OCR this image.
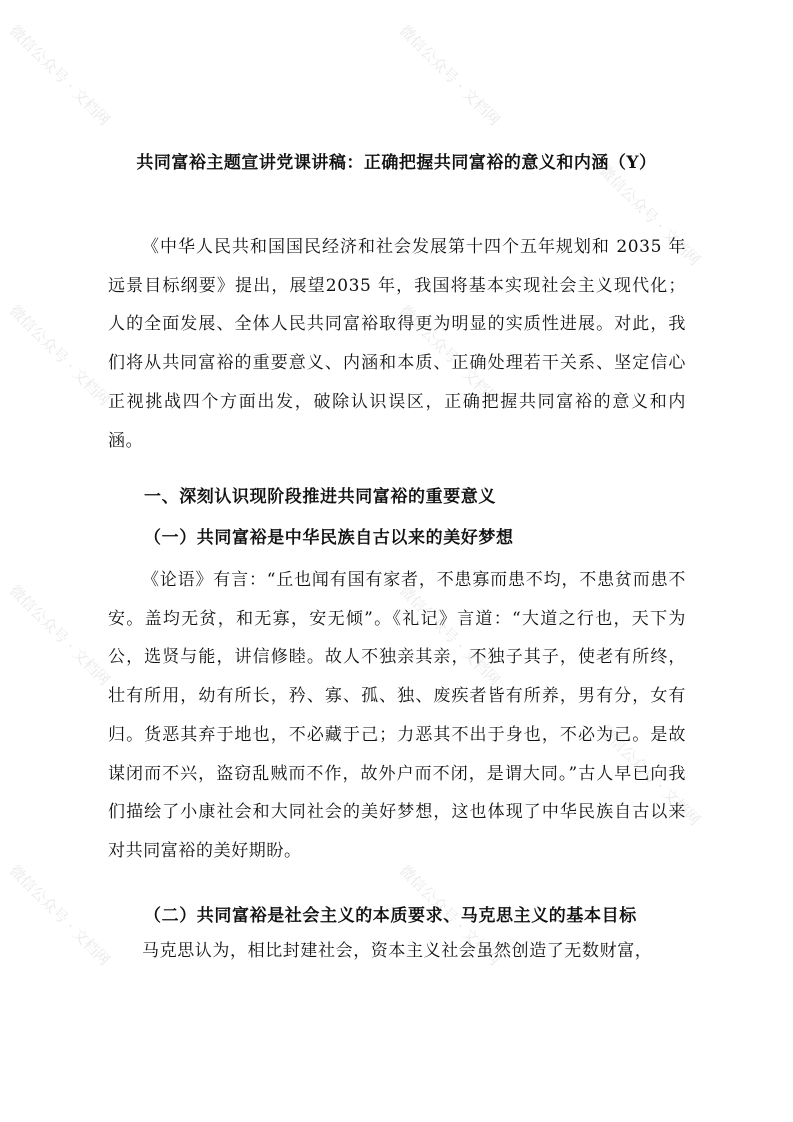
微信公众号 · 文档网	微信公众号 · 文档网
微信公众号 · 文档网	微信公众号 · 文档网
微信公众号 · 文档网	微信公众号 · 文档网
微信公众号 · 文档网	微信公众号 · 文档网
微信公众号 · 文档网
微信公众号 · 文档网
共同富裕主题宣讲党课讲稿：正确把握共同富裕的意义和内涵（Y）
《中华人民共和国国民经济和社会发展第十四个五年规划和 2035 年远景目标纲要》提出，展望2035 年，我国将基本实现社会主义现代化；人的全面发展、全体人民共同富裕取得更为明显的实质性进展。对此，我们将从共同富裕的重要意义、内涵和本质、正确处理若干关系、坚定信心正视挑战四个方面出发，破除认识误区，正确把握共同富裕的意义和内涵。
一、深刻认识现阶段推进共同富裕的重要意义
（一）共同富裕是中华民族自古以来的美好梦想
《论语》有言：“丘也闻有国有家者，不患寡而患不均，不患贫而患不安。盖均无贫，和无寡，安无倾”。《礼记》言道：“大道之行也，天下为公，选贤与能，讲信修睦。故人不独亲其亲，不独子其子，使老有所终，壮有所用，幼有所长，矜、寡、孤、独、废疾者皆有所养，男有分，女有归。货恶其弃于地也，不必藏于己；力恶其不出于身也，不必为己。是故谋闭而不兴，盗窃乱贼而不作，故外户而不闭，是谓大同。”古人早已向我们描绘了小康社会和大同社会的美好梦想，这也体现了中华民族自古以来对共同富裕的美好期盼。
（二）共同富裕是社会主义的本质要求、马克思主义的基本目标
马克思认为，相比封建社会，资本主义社会虽然创造了无数财富，
